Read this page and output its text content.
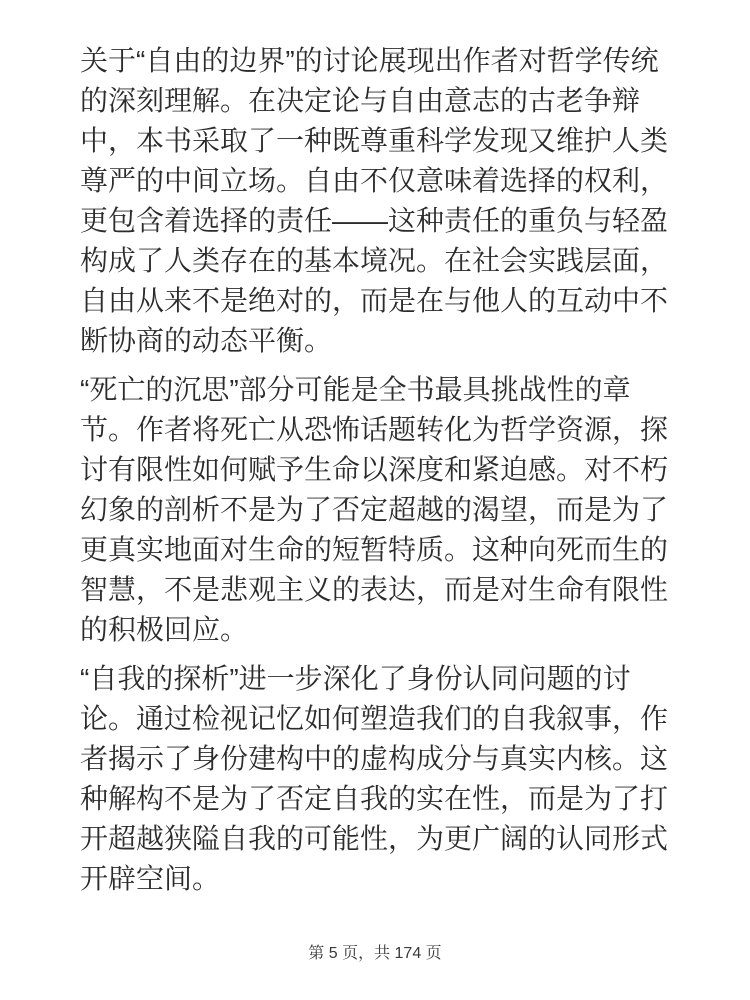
关于“自由的边界”的讨论展现出作者对哲学传统的深刻理解。在决定论与自由意志的古老争辩中，本书采取了一种既尊重科学发现又维护人类尊严的中间立场。自由不仅意味着选择的权利，更包含着选择的责任——这种责任的重负与轻盈构成了人类存在的基本境况。在社会实践层面，自由从来不是绝对的，而是在与他人的互动中不断协商的动态平衡。

“死亡的沉思”部分可能是全书最具挑战性的章节。作者将死亡从恐怖话题转化为哲学资源，探讨有限性如何赋予生命以深度和紧迫感。对不朽幻象的剖析不是为了否定超越的渴望，而是为了更真实地面对生命的短暂特质。这种向死而生的智慧，不是悲观主义的表达，而是对生命有限性的积极回应。

“自我的探析”进一步深化了身份认同问题的讨论。通过检视记忆如何塑造我们的自我叙事，作者揭示了身份建构中的虚构成分与真实内核。这种解构不是为了否定自我的实在性，而是为了打开超越狭隘自我的可能性，为更广阔的认同形式开辟空间。

第 5 页，共 174 页
